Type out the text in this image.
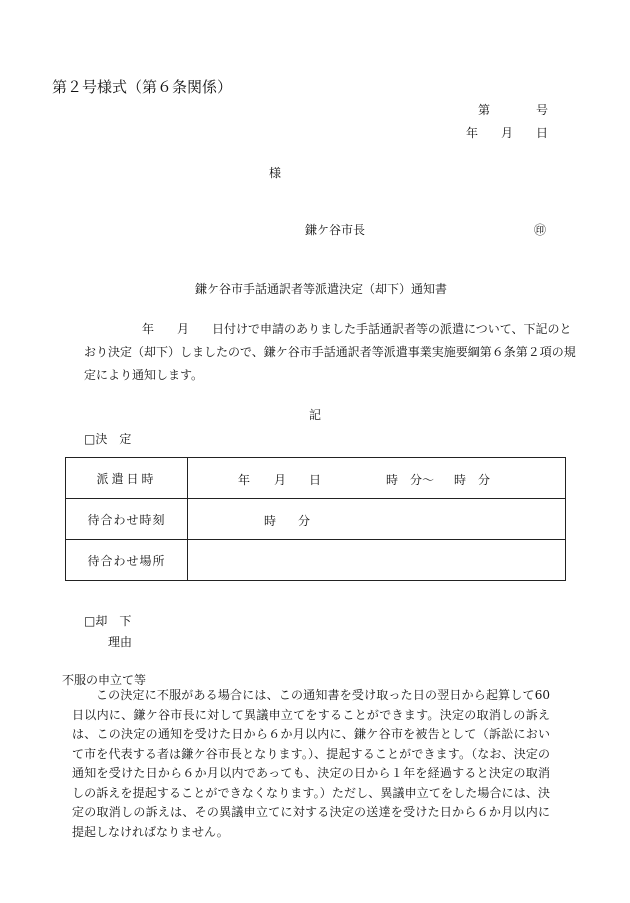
第２号様式（第６条関係）
第	号
年 月 日
様
鎌ケ谷市長	㊞
鎌ケ谷市手話通訳者等派遣決定（却下）通知書
年 月 日付けで申請のありました手話通訳者等の派遣について、下記のと
おり決定（却下）しましたので、鎌ケ谷市手話通訳者等派遣事業実施要綱第６条第２項の規
定により通知します。
記
□決　定
派遣日時	年 月 日 時　分〜 時　分

待合わせ時刻	時 分

待合わせ場所	
□却　下
理由
不服の申立て等
この決定に不服がある場合には、この通知書を受け取った日の翌日から起算して60日以内に、鎌ケ谷市長に対して異議申立てをすることができます。決定の取消しの訴えは、この決定の通知を受けた日から６か月以内に、鎌ケ谷市を被告として（訴訟において市を代表する者は鎌ケ谷市長となります。）、提起することができます。（なお、決定の通知を受けた日から６か月以内であっても、決定の日から１年を経過すると決定の取消しの訴えを提起することができなくなります。）ただし、異議申立てをした場合には、決定の取消しの訴えは、その異議申立てに対する決定の送達を受けた日から６か月以内に提起しなければなりません。
